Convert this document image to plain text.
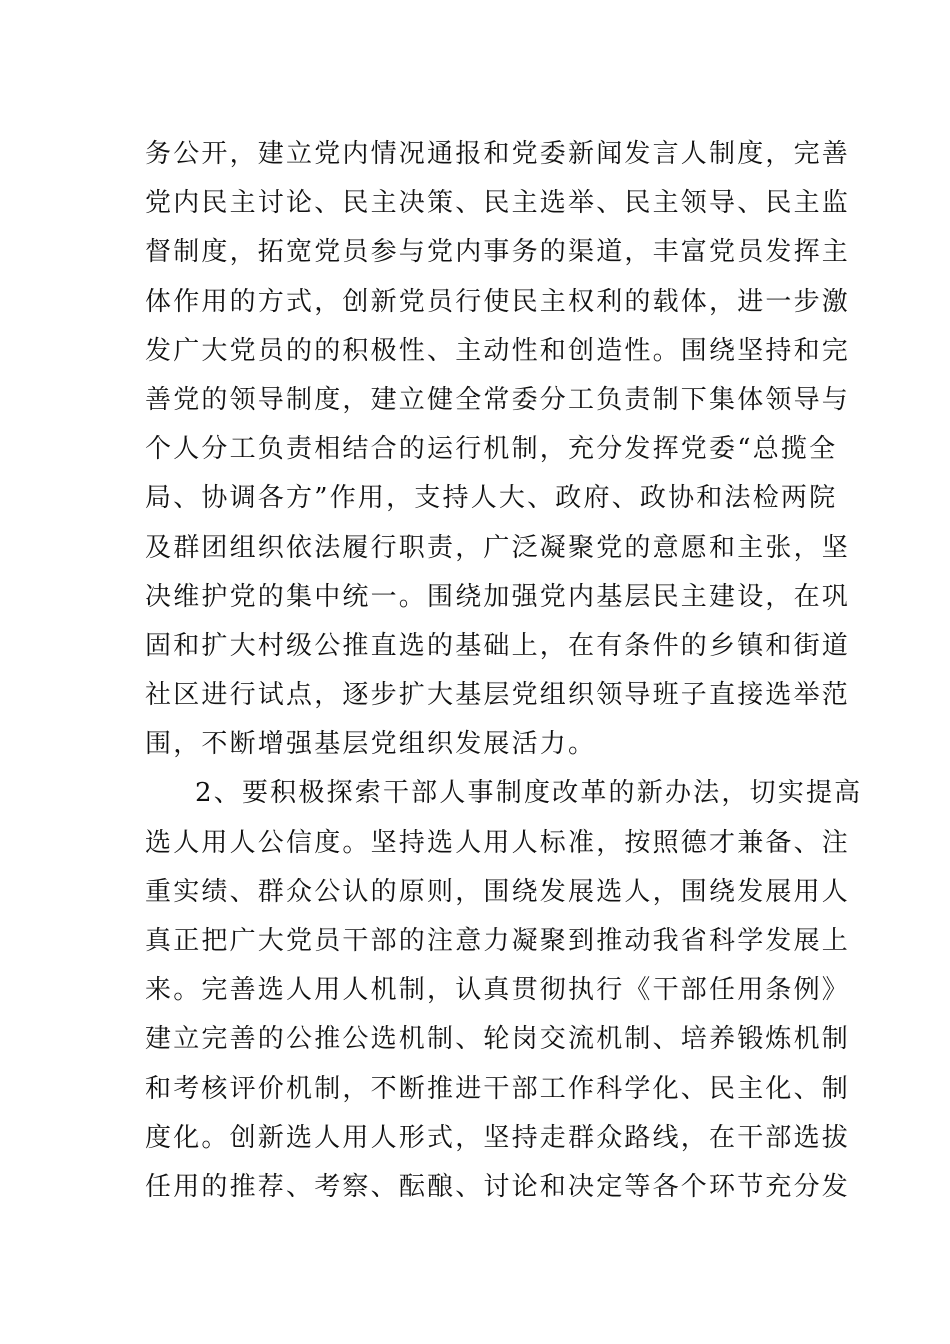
务公开，建立党内情况通报和党委新闻发言人制度，完善
党内民主讨论、民主决策、民主选举、民主领导、民主监
督制度，拓宽党员参与党内事务的渠道，丰富党员发挥主
体作用的方式，创新党员行使民主权利的载体，进一步激
发广大党员的的积极性、主动性和创造性。围绕坚持和完
善党的领导制度，建立健全常委分工负责制下集体领导与
个人分工负责相结合的运行机制，充分发挥党委“总揽全
局、协调各方”作用，支持人大、政府、政协和法检两院
及群团组织依法履行职责，广泛凝聚党的意愿和主张，坚
决维护党的集中统一。围绕加强党内基层民主建设，在巩
固和扩大村级公推直选的基础上，在有条件的乡镇和街道
社区进行试点，逐步扩大基层党组织领导班子直接选举范
围，不断增强基层党组织发展活力。
2、要积极探索干部人事制度改革的新办法，切实提高
选人用人公信度。坚持选人用人标准，按照德才兼备、注
重实绩、群众公认的原则，围绕发展选人，围绕发展用人
真正把广大党员干部的注意力凝聚到推动我省科学发展上
来。完善选人用人机制，认真贯彻执行《干部任用条例》
建立完善的公推公选机制、轮岗交流机制、培养锻炼机制
和考核评价机制，不断推进干部工作科学化、民主化、制
度化。创新选人用人形式，坚持走群众路线，在干部选拔
任用的推荐、考察、酝酿、讨论和决定等各个环节充分发
